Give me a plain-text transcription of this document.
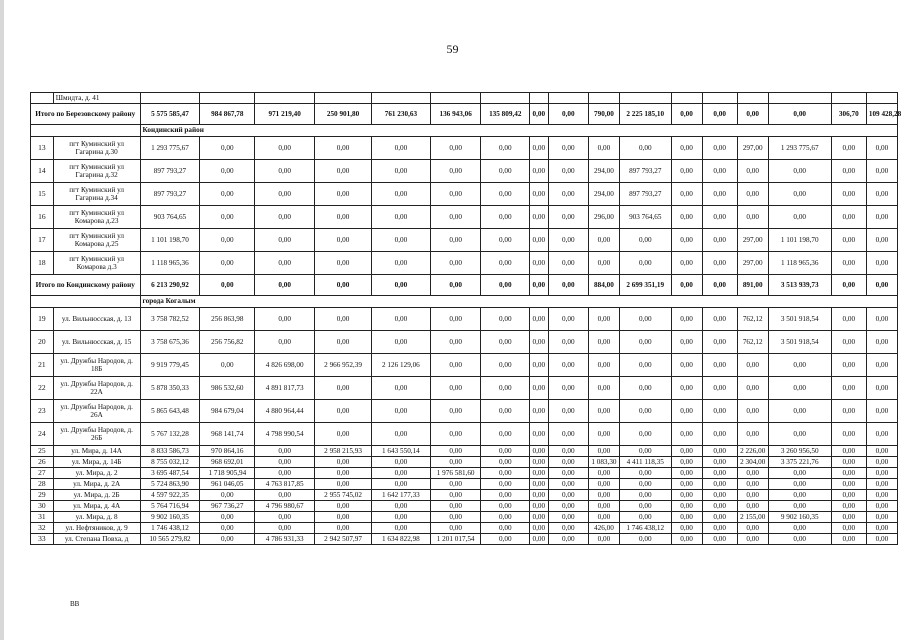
59
	Шмидта, д. 41																	
Итого по Березовскому району		5 575 585,47	984 867,78	971 219,40	250 901,80	761 230,63	136 943,06	135 809,42	0,00	0,00	790,00	2 225 185,10	0,00	0,00	0,00	0,00	306,70	109 428,28
		Кондинский район																
13	пгт Куминский ул Гагарина д.30	1 293 775,67	0,00	0,00	0,00	0,00	0,00	0,00	0,00	0,00	0,00	0,00	0,00	0,00	297,00	1 293 775,67	0,00	0,00
14	пгт Куминский ул Гагарина д.32	897 793,27	0,00	0,00	0,00	0,00	0,00	0,00	0,00	0,00	294,00	897 793,27	0,00	0,00	0,00	0,00	0,00	0,00
15	пгт Куминский ул Гагарина д.34	897 793,27	0,00	0,00	0,00	0,00	0,00	0,00	0,00	0,00	294,00	897 793,27	0,00	0,00	0,00	0,00	0,00	0,00
16	пгт Куминский ул Комарова д.23	903 764,65	0,00	0,00	0,00	0,00	0,00	0,00	0,00	0,00	296,00	903 764,65	0,00	0,00	0,00	0,00	0,00	0,00
17	пгт Куминский ул Комарова д.25	1 101 198,70	0,00	0,00	0,00	0,00	0,00	0,00	0,00	0,00	0,00	0,00	0,00	0,00	297,00	1 101 198,70	0,00	0,00
18	пгт Куминский ул Комарова д.3	1 118 965,36	0,00	0,00	0,00	0,00	0,00	0,00	0,00	0,00	0,00	0,00	0,00	0,00	297,00	1 118 965,36	0,00	0,00
Итого по Кондинскому району		6 213 290,92	0,00	0,00	0,00	0,00	0,00	0,00	0,00	0,00	884,00	2 699 351,19	0,00	0,00	891,00	3 513 939,73	0,00	0,00
		города Когалым																
19	ул. Вильнюсская, д. 13	3 758 782,52	256 863,98	0,00	0,00	0,00	0,00	0,00	0,00	0,00	0,00	0,00	0,00	0,00	762,12	3 501 918,54	0,00	0,00
20	ул. Вильнюсская, д. 15	3 758 675,36	256 756,82	0,00	0,00	0,00	0,00	0,00	0,00	0,00	0,00	0,00	0,00	0,00	762,12	3 501 918,54	0,00	0,00
21	ул. Дружбы Народов, д. 18Б	9 919 779,45	0,00	4 826 698,00	2 966 952,39	2 126 129,06	0,00	0,00	0,00	0,00	0,00	0,00	0,00	0,00	0,00	0,00	0,00	0,00
22	ул. Дружбы Народов, д. 22А	5 878 350,33	986 532,60	4 891 817,73	0,00	0,00	0,00	0,00	0,00	0,00	0,00	0,00	0,00	0,00	0,00	0,00	0,00	0,00
23	ул. Дружбы Народов, д. 26А	5 865 643,48	984 679,04	4 880 964,44	0,00	0,00	0,00	0,00	0,00	0,00	0,00	0,00	0,00	0,00	0,00	0,00	0,00	0,00
24	ул. Дружбы Народов, д. 26Б	5 767 132,28	968 141,74	4 798 990,54	0,00	0,00	0,00	0,00	0,00	0,00	0,00	0,00	0,00	0,00	0,00	0,00	0,00	0,00
25	ул. Мира, д. 14А	8 833 586,73	970 864,16	0,00	2 958 215,93	1 643 550,14	0,00	0,00	0,00	0,00	0,00	0,00	0,00	0,00	2 226,00	3 260 956,50	0,00	0,00
26	ул. Мира, д. 14Б	8 755 032,12	968 692,01	0,00	0,00	0,00	0,00	0,00	0,00	0,00	1 083,30	4 411 118,35	0,00	0,00	2 304,00	3 375 221,76	0,00	0,00
27	ул. Мира, д. 2	3 695 487,54	1 718 905,94	0,00	0,00	0,00	1 976 581,60	0,00	0,00	0,00	0,00	0,00	0,00	0,00	0,00	0,00	0,00	0,00
28	ул. Мира, д. 2А	5 724 863,90	961 046,05	4 763 817,85	0,00	0,00	0,00	0,00	0,00	0,00	0,00	0,00	0,00	0,00	0,00	0,00	0,00	0,00
29	ул. Мира, д. 2Б	4 597 922,35	0,00	0,00	2 955 745,02	1 642 177,33	0,00	0,00	0,00	0,00	0,00	0,00	0,00	0,00	0,00	0,00	0,00	0,00
30	ул. Мира, д. 4А	5 764 716,94	967 736,27	4 796 980,67	0,00	0,00	0,00	0,00	0,00	0,00	0,00	0,00	0,00	0,00	0,00	0,00	0,00	0,00
31	ул. Мира, д. 8	9 902 160,35	0,00	0,00	0,00	0,00	0,00	0,00	0,00	0,00	0,00	0,00	0,00	0,00	2 155,00	9 902 160,35	0,00	0,00
32	ул. Нефтяников, д. 9	1 746 438,12	0,00	0,00	0,00	0,00	0,00	0,00	0,00	0,00	426,00	1 746 438,12	0,00	0,00	0,00	0,00	0,00	0,00
33	ул. Степана Повха, д	10 565 279,82	0,00	4 786 931,33	2 942 507,97	1 634 822,98	1 201 017,54	0,00	0,00	0,00	0,00	0,00	0,00	0,00	0,00	0,00	0,00	0,00
ВВ
